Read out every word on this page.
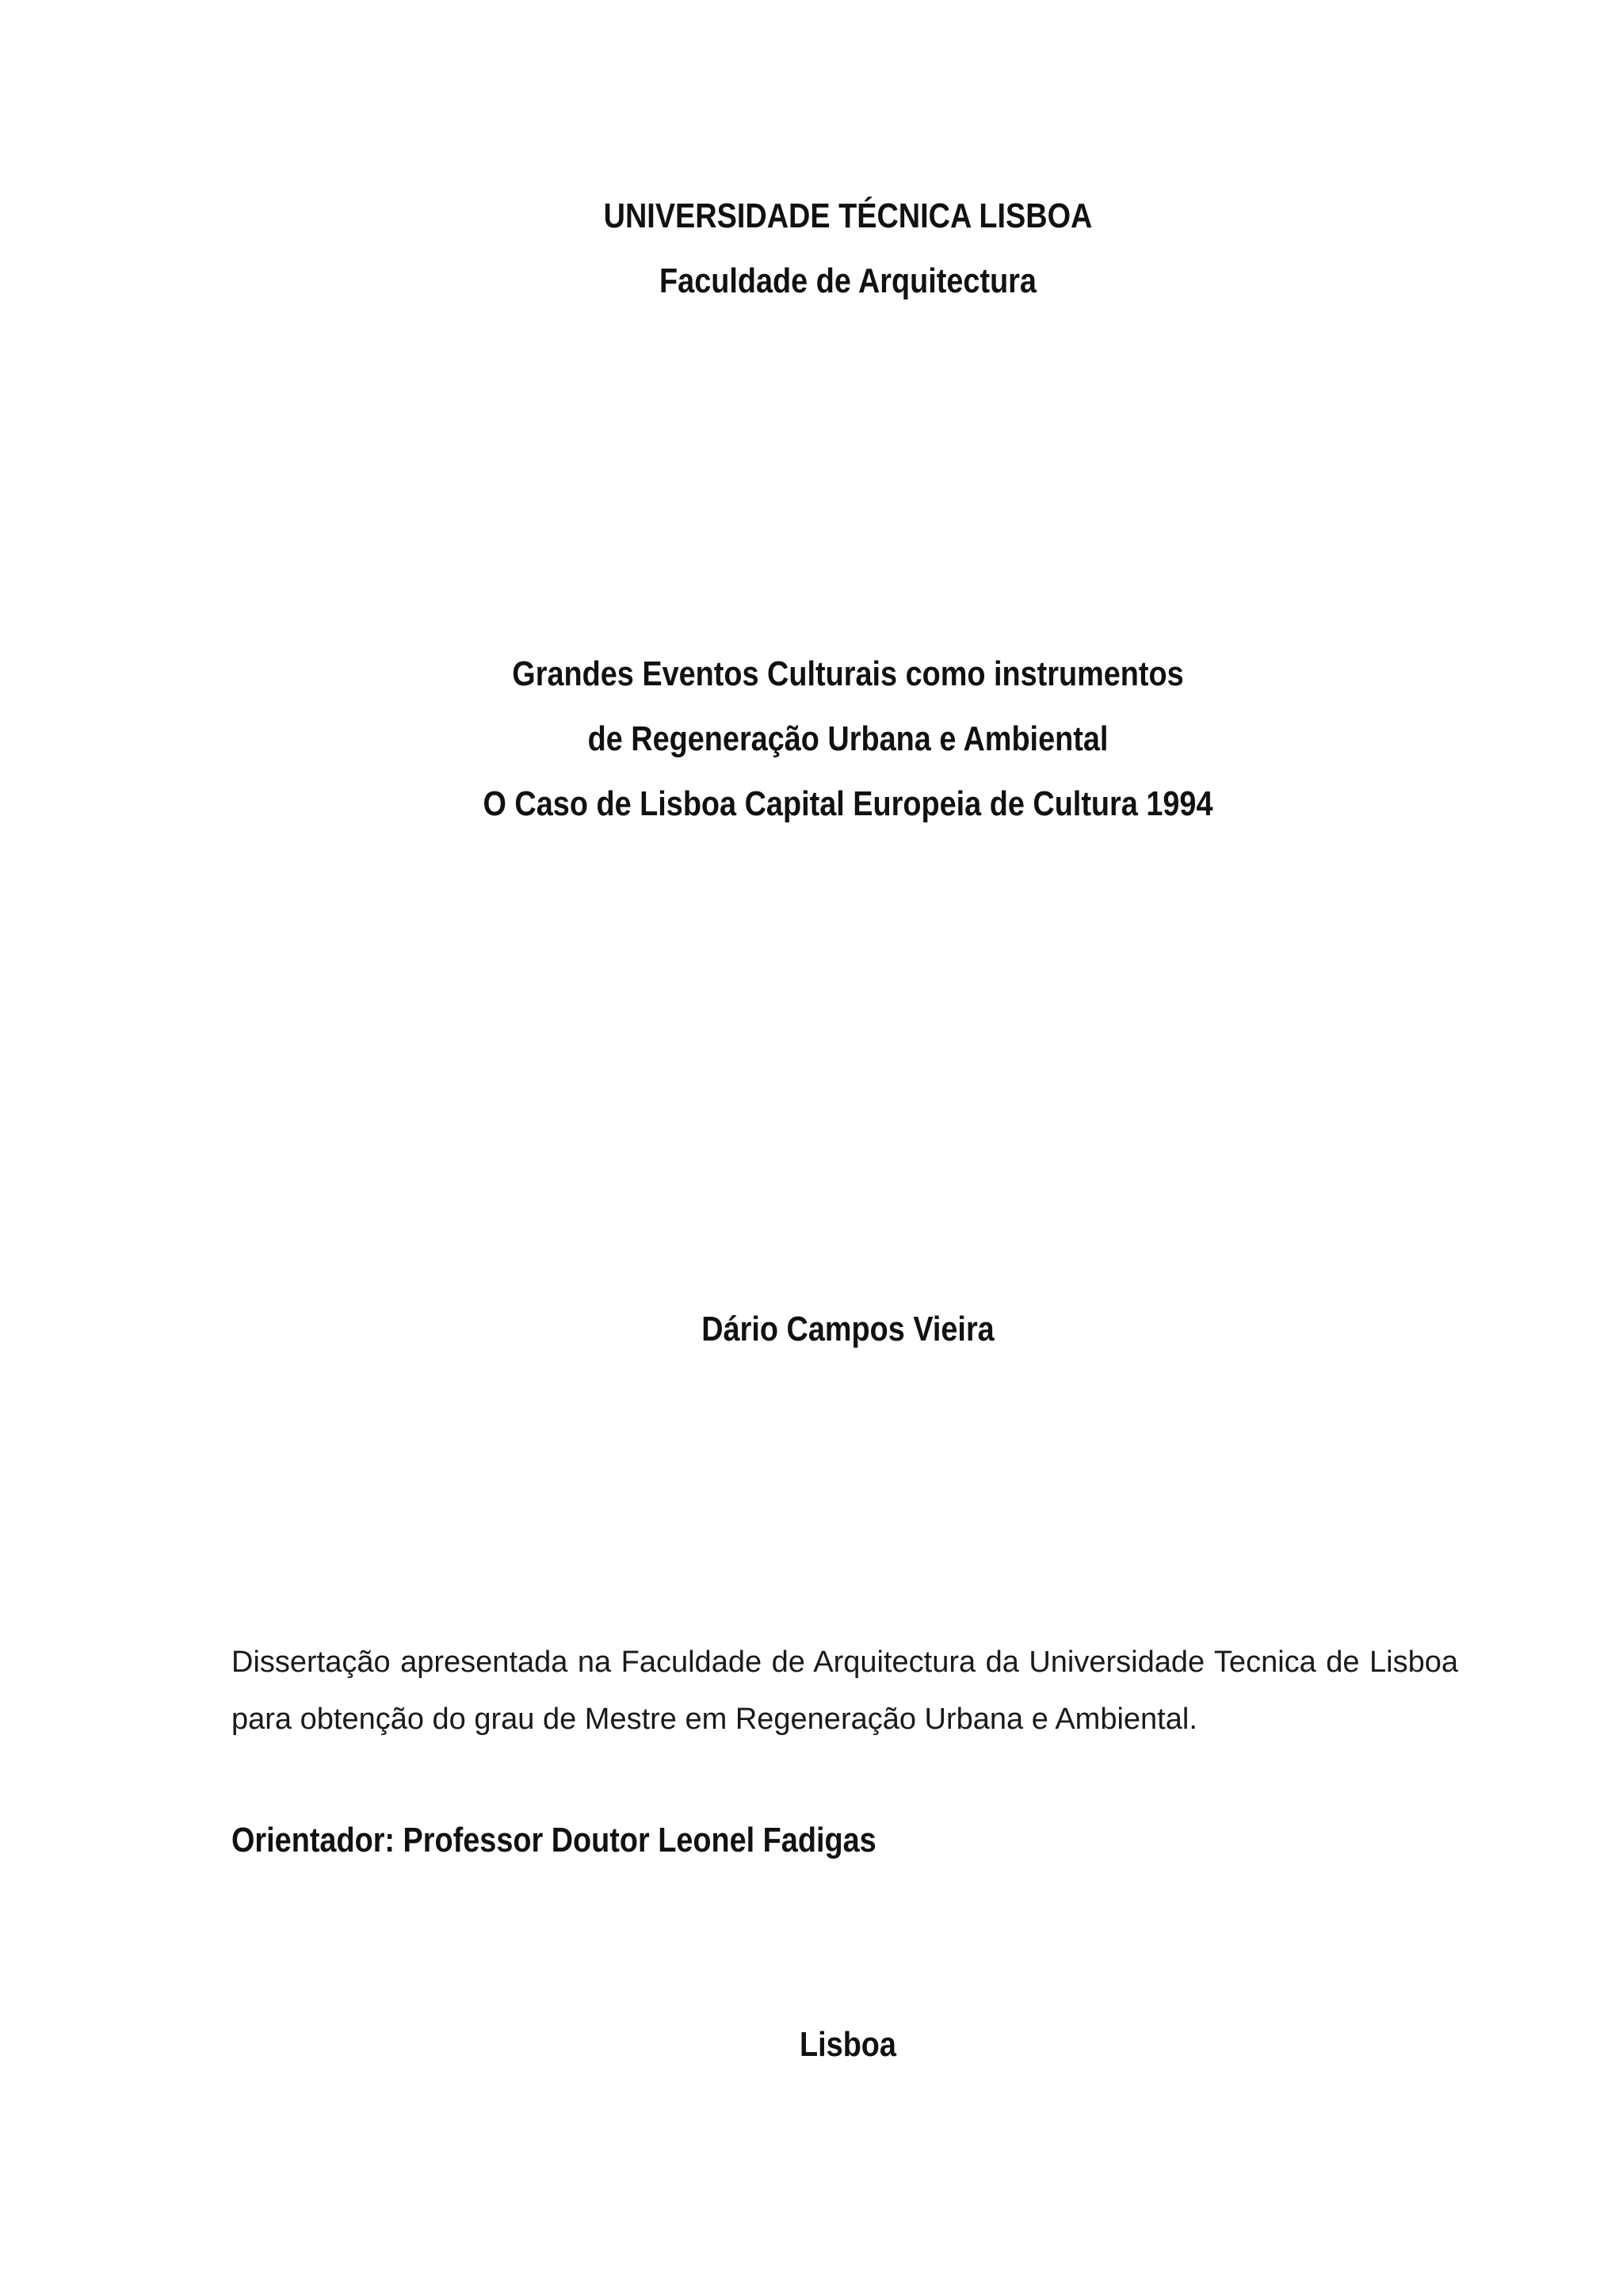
UNIVERSIDADE TÉCNICA LISBOA
Faculdade de Arquitectura
Grandes Eventos Culturais como instrumentos
de Regeneração Urbana e Ambiental
O Caso de Lisboa Capital Europeia de Cultura 1994
Dário Campos Vieira
Dissertação apresentada na Faculdade de Arquitectura da Universidade Tecnica de Lisboa para obtenção do grau de Mestre em Regeneração Urbana e Ambiental.
Orientador: Professor Doutor Leonel Fadigas
Lisboa
